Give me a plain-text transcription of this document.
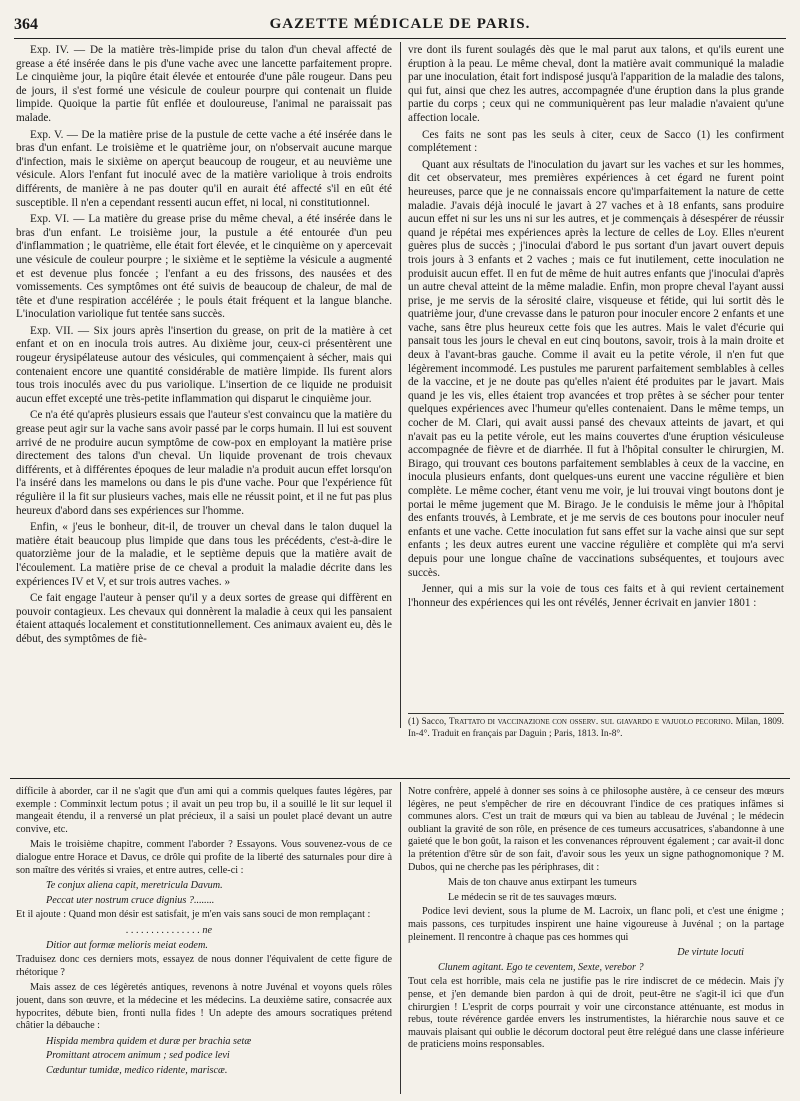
364	GAZETTE MÉDICALE DE PARIS.

Exp. IV. — De la matière très-limpide prise du talon d'un cheval affecté de grease a été insérée dans le pis d'une vache avec une lancette parfaitement propre. Le cinquième jour, la piqûre était élevée et entourée d'une pâle rougeur. Dans peu de jours, il s'est formé une vésicule de couleur pourpre qui contenait un fluide limpide. Quoique la partie fût enflée et douloureuse, l'animal ne paraissait pas malade.

Exp. V. — De la matière prise de la pustule de cette vache a été insérée dans le bras d'un enfant. Le troisième et le quatrième jour, on n'observait aucune marque d'infection, mais le sixième on aperçut beaucoup de rougeur, et au neuvième une vésicule. Alors l'enfant fut inoculé avec de la matière variolique à trois endroits différents, de manière à ne pas douter qu'il en aurait été affecté s'il en eût été susceptible. Il n'en a cependant ressenti aucun effet, ni local, ni constitutionnel.

Exp. VI. — La matière du grease prise du même cheval, a été insérée dans le bras d'un enfant. Le troisième jour, la pustule a été entourée d'un peu d'inflammation ; le quatrième, elle était fort élevée, et le cinquième on y apercevait une vésicule de couleur pourpre ; le sixième et le septième la vésicule a augmenté et est devenue plus foncée ; l'enfant a eu des frissons, des nausées et des vomissements. Ces symptômes ont été suivis de beaucoup de chaleur, de mal de tête et d'une respiration accélérée ; le pouls était fréquent et la langue blanche. L'inoculation variolique fut tentée sans succès.

Exp. VII. — Six jours après l'insertion du grease, on prit de la matière à cet enfant et on en inocula trois autres. Au dixième jour, ceux-ci présentèrent une rougeur érysipélateuse autour des vésicules, qui commençaient à sécher, mais qui contenaient encore une quantité considérable de matière limpide. Ils furent alors tous trois inoculés avec du pus variolique. L'insertion de ce liquide ne produisit aucun effet excepté une très-petite inflammation qui disparut le cinquième jour.

Ce n'a été qu'après plusieurs essais que l'auteur s'est convaincu que la matière du grease peut agir sur la vache sans avoir passé par le corps humain. Il lui est souvent arrivé de ne produire aucun symptôme de cow-pox en employant la matière prise directement des talons d'un cheval. Un liquide provenant de trois chevaux différents, et à différentes époques de leur maladie n'a produit aucun effet lorsqu'on l'a inséré dans les mamelons ou dans le pis d'une vache. Pour que l'expérience fût régulière il la fit sur plusieurs vaches, mais elle ne réussit point, et il ne fut pas plus heureux d'abord dans ses expériences sur l'homme.

Enfin, « j'eus le bonheur, dit-il, de trouver un cheval dans le talon duquel la matière était beaucoup plus limpide que dans tous les précédents, c'est-à-dire le quatorzième jour de la maladie, et le septième depuis que la matière avait de l'écoulement. La matière prise de ce cheval a produit la maladie décrite dans les expériences IV et V, et sur trois autres vaches. »

Ce fait engage l'auteur à penser qu'il y a deux sortes de grease qui diffèrent en pouvoir contagieux. Les chevaux qui donnèrent la maladie à ceux qui les pansaient étaient attaqués localement et constitutionnellement. Ces animaux avaient eu, dès le début, des symptômes de fiè-

vre dont ils furent soulagés dès que le mal parut aux talons, et qu'ils eurent une éruption à la peau. Le même cheval, dont la matière avait communiqué la maladie par une inoculation, était fort indisposé jusqu'à l'apparition de la maladie des talons, qui fut, ainsi que chez les autres, accompagnée d'une éruption dans la plus grande partie du corps ; ceux qui ne communiquèrent pas leur maladie n'avaient qu'une affection locale.

Ces faits ne sont pas les seuls à citer, ceux de Sacco (1) les confirment complétement :

Quant aux résultats de l'inoculation du javart sur les vaches et sur les hommes, dit cet observateur, mes premières expériences à cet égard ne furent point heureuses, parce que je ne connaissais encore qu'imparfaitement la nature de cette maladie. J'avais déjà inoculé le javart à 27 vaches et à 18 enfants, sans produire aucun effet ni sur les uns ni sur les autres, et je commençais à désespérer de réussir quand je répétai mes expériences après la lecture de celles de Loy. Elles n'eurent guères plus de succès ; j'inoculai d'abord le pus sortant d'un javart ouvert depuis trois jours à 3 enfants et 2 vaches ; mais ce fut inutilement, cette inoculation ne produisit aucun effet. Il en fut de même de huit autres enfants que j'inoculai d'après un autre cheval atteint de la même maladie. Enfin, mon propre cheval l'ayant aussi prise, je me servis de la sérosité claire, visqueuse et fétide, qui lui sortit dès le quatrième jour, d'une crevasse dans le paturon pour inoculer encore 2 enfants et une vache, sans être plus heureux cette fois que les autres. Mais le valet d'écurie qui pansait tous les jours le cheval en eut cinq boutons, savoir, trois à la main droite et deux à l'avant-bras gauche. Comme il avait eu la petite vérole, il n'en fut que légèrement incommodé. Les pustules me parurent parfaitement semblables à celles de la vaccine, et je ne doute pas qu'elles n'aient été produites par le javart. Mais quand je les vis, elles étaient trop avancées et trop prêtes à se sécher pour tenter quelques expériences avec l'humeur qu'elles contenaient. Dans le même temps, un cocher de M. Clari, qui avait aussi pansé des chevaux atteints de javart, et qui n'avait pas eu la petite vérole, eut les mains couvertes d'une éruption vésiculeuse accompagnée de fièvre et de diarrhée. Il fut à l'hôpital consulter le chirurgien, M. Birago, qui trouvant ces boutons parfaitement semblables à ceux de la vaccine, en inocula plusieurs enfants, dont quelques-uns eurent une vaccine régulière et bien complète. Le même cocher, étant venu me voir, je lui trouvai vingt boutons dont je portai le même jugement que M. Birago. Je le conduisis le même jour à l'hôpital des enfants trouvés, à Lembrate, et je me servis de ces boutons pour inoculer neuf enfants et une vache. Cette inoculation fut sans effet sur la vache ainsi que sur sept enfants ; les deux autres eurent une vaccine régulière et complète qui m'a servi depuis pour une longue chaîne de vaccinations subséquentes, et toujours avec succès.

Jenner, qui a mis sur la voie de tous ces faits et à qui revient certainement l'honneur des expériences qui les ont révélés, Jenner écrivait en janvier 1801 :

(1) Sacco, Trattato di vaccinazione con osserv. sul giavardo e vajuolo pecorino. Milan, 1809. In-4°. Traduit en français par Daguin ; Paris, 1813. In-8°.

difficile à aborder, car il ne s'agit que d'un ami qui a commis quelques fautes légères, par exemple : Comminxit lectum potus ; il avait un peu trop bu, il a souillé le lit sur lequel il mangeait étendu, il a renversé un plat précieux, il a saisi un poulet placé devant un autre convive, etc.

Mais le troisième chapitre, comment l'aborder ? Essayons. Vous souvenez-vous de ce dialogue entre Horace et Davus, ce drôle qui profite de la liberté des saturnales pour dire à son maître des vérités si vraies, et entre autres, celle-ci :

Te conjux aliena capit, meretricula Davum.

Peccat uter nostrum cruce dignius ?........

Et il ajoute : Quand mon désir est satisfait, je m'en vais sans souci de mon remplaçant :

. . . . . . . . . . . . . . . ne

Ditior aut formæ melioris meiat eodem.

Traduisez donc ces derniers mots, essayez de nous donner l'équivalent de cette figure de rhétorique ?

Mais assez de ces légèretés antiques, revenons à notre Juvénal et voyons quels rôles jouent, dans son œuvre, et la médecine et les médecins. La deuxième satire, consacrée aux hypocrites, débute bien, fronti nulla fides ! Un adepte des amours socratiques prétend châtier la débauche :

Hispida membra quidem et duræ per brachia setæ

Promittant atrocem animum ; sed podice levi

Cæduntur tumidæ, medico ridente, mariscæ.

Notre confrère, appelé à donner ses soins à ce philosophe austère, à ce censeur des mœurs légères, ne peut s'empêcher de rire en découvrant l'indice de ces pratiques infâmes si communes alors. C'est un trait de mœurs qui va bien au tableau de Juvénal ; le médecin oubliant la gravité de son rôle, en présence de ces tumeurs accusatrices, s'abandonne à une gaieté que le bon goût, la raison et les convenances réprouvent également ; car avait-il donc la prétention d'être sûr de son fait, d'avoir sous les yeux un signe pathognomonique ? M. Dubos, qui ne cherche pas les périphrases, dit :

Mais de ton chauve anus extirpant les tumeurs

Le médecin se rit de tes sauvages mœurs.

Podice levi devient, sous la plume de M. Lacroix, un flanc poli, et c'est une énigme ; mais passons, ces turpitudes inspirent une haine vigoureuse à Juvénal ; on la partage pleinement. Il rencontre à chaque pas ces hommes qui

De virtute locuti

Clunem agitant. Ego te ceventem, Sexte, verebor ?

Tout cela est horrible, mais cela ne justifie pas le rire indiscret de ce médecin. Mais j'y pense, et j'en demande bien pardon à qui de droit, peut-être ne s'agit-il ici que d'un chirurgien ! L'esprit de corps pourrait y voir une circonstance atténuante, est modus in rebus, toute révérence gardée envers les instrumentistes, la hiérarchie nous sauve et ce mauvais plaisant qui oublie le décorum doctoral peut être relégué dans une classe inférieure de praticiens moins responsables.
